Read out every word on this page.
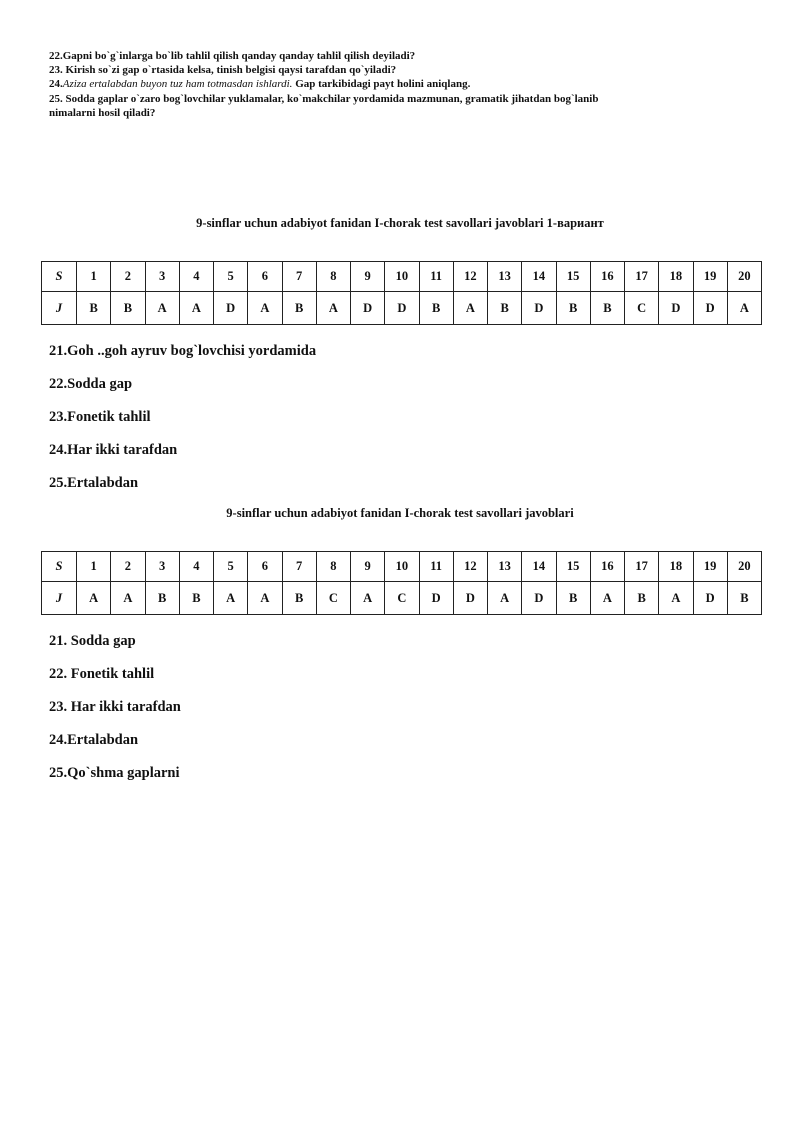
22.Gapni bo`g`inlarga bo`lib tahlil qilish qanday qanday tahlil qilish deyiladi?

23. Kirish so`zi gap o`rtasida kelsa, tinish belgisi qaysi tarafdan qo`yiladi?

24.Aziza ertalabdan buyon tuz ham totmasdan ishlardi. Gap tarkibidagi payt holini aniqlang.

25. Sodda gaplar o`zaro bog`lovchilar yuklamalar, ko`makchilar yordamida mazmunan, gramatik jihatdan bog`lanib
nimalarni hosil qiladi?

9-sinflar uchun adabiyot fanidan I-chorak test savollari javoblari 1-вариант
S	1	2	3	4	5	6	7	8	9	10	11	12	13	14	15	16	17	18	19	20
J	B	B	A	A	D	A	B	A	D	D	B	A	B	D	B	B	C	D	D	A

21.Goh ..goh ayruv bog`lovchisi yordamida

22.Sodda gap

23.Fonetik tahlil

24.Har ikki tarafdan

25.Ertalabdan

9-sinflar uchun adabiyot fanidan I-chorak test savollari javoblari
S	1	2	3	4	5	6	7	8	9	10	11	12	13	14	15	16	17	18	19	20
J	A	A	B	B	A	A	B	C	A	C	D	D	A	D	B	A	B	A	D	B

21. Sodda gap

22. Fonetik tahlil

23. Har ikki tarafdan

24.Ertalabdan

25.Qo`shma gaplarni
